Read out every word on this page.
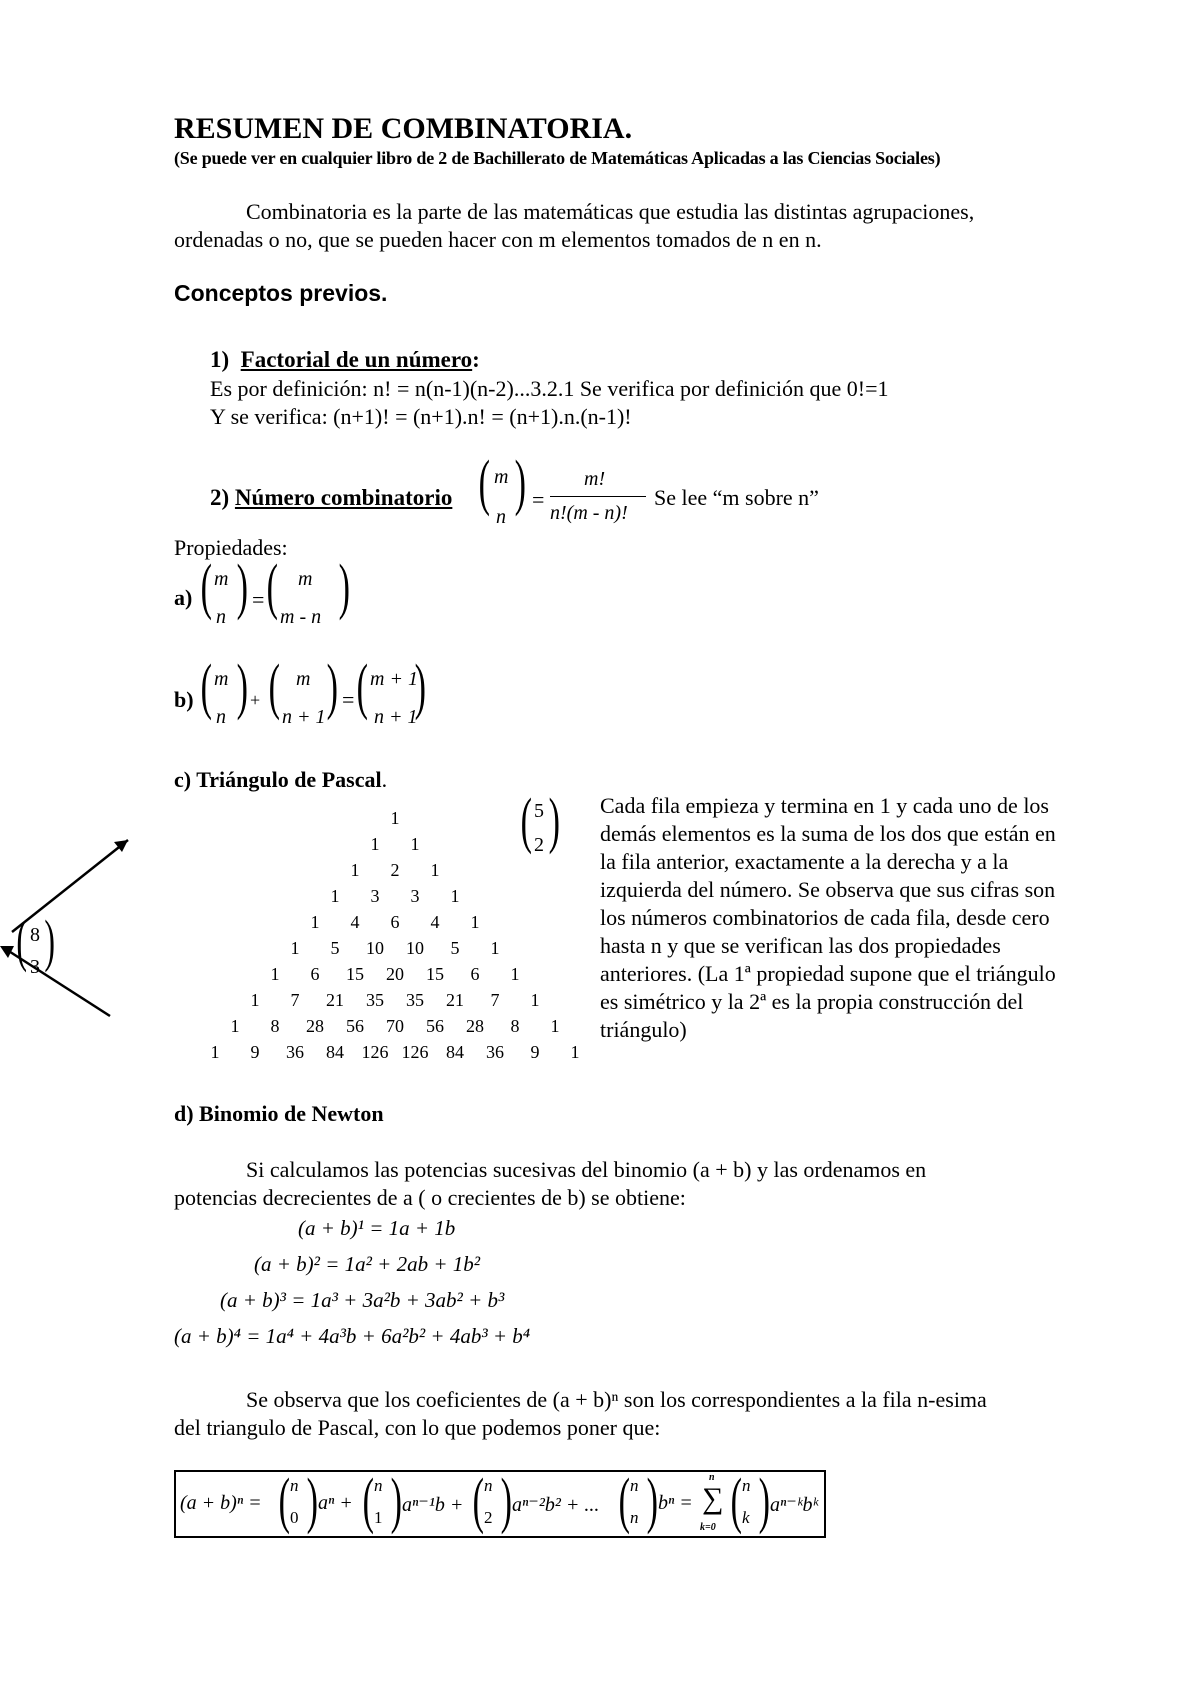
RESUMEN DE COMBINATORIA.
(Se puede ver en cualquier libro de 2 de Bachillerato de Matemáticas Aplicadas a las Ciencias Sociales)
Combinatoria es la parte de las matemáticas que estudia las distintas agrupaciones,
ordenadas o no, que se pueden hacer con m elementos tomados de n en n.
Conceptos previos.
1) Factorial de un número:
Es por definición: n! = n(n-1)(n-2)...3.2.1 Se verifica por definición que 0!=1
Y se verifica: (n+1)! = (n+1).n! = (n+1).n.(n-1)!
2) Número combinatorio ( m
n ) =
m!
n!(m - n)!
Se lee “m sobre n”
Propiedades:
a) ( m
n ) = ( m
m - n )
b) ( m
n ) + ( m
n + 1 ) = ( m + 1
n + 1
)
c) Triángulo de Pascal.
1
1 1
1 2 1
1 3 3 1
1 4 6 4 1
1 5 10 10 5 1
1 6 15 20 15 6 1
1 7 21 35 35 21 7 1
1 8 28 56 70 56 28 8 1
1 9 36 84 126 126 84 36 9 1
( 5
2 )
( 8
3 )
Cada fila empieza y termina en 1 y cada uno de los demás elementos es la suma de los dos que están en la fila anterior, exactamente a la derecha y a la izquierda del número. Se observa que sus cifras son los números combinatorios de cada fila, desde cero hasta n y que se verifican las dos propiedades anteriores. (La 1ª propiedad supone que el triángulo es simétrico y la 2ª es la propia construcción del triángulo)
d) Binomio de Newton
Si calculamos las potencias sucesivas del binomio (a + b) y las ordenamos en
potencias decrecientes de a ( o crecientes de b) se obtiene:
(a + b)¹ = 1a + 1b
(a + b)² = 1a² + 2ab + 1b²
(a + b)³ = 1a³ + 3a²b + 3ab² + b³
(a + b)⁴ = 1a⁴ + 4a³b + 6a²b² + 4ab³ + b⁴
Se observa que los coeficientes de (a + b)ⁿ son los correspondientes a la fila n-esima
del triangulo de Pascal, con lo que podemos poner que:
(a + b)ⁿ = ( n
0 ) aⁿ + ( n
1 ) aⁿ⁻¹b + ( n
2 ) aⁿ⁻²b² + ... ( n
n ) bⁿ =
n
∑
k=0 ( n
k ) aⁿ⁻ᵏbᵏ
